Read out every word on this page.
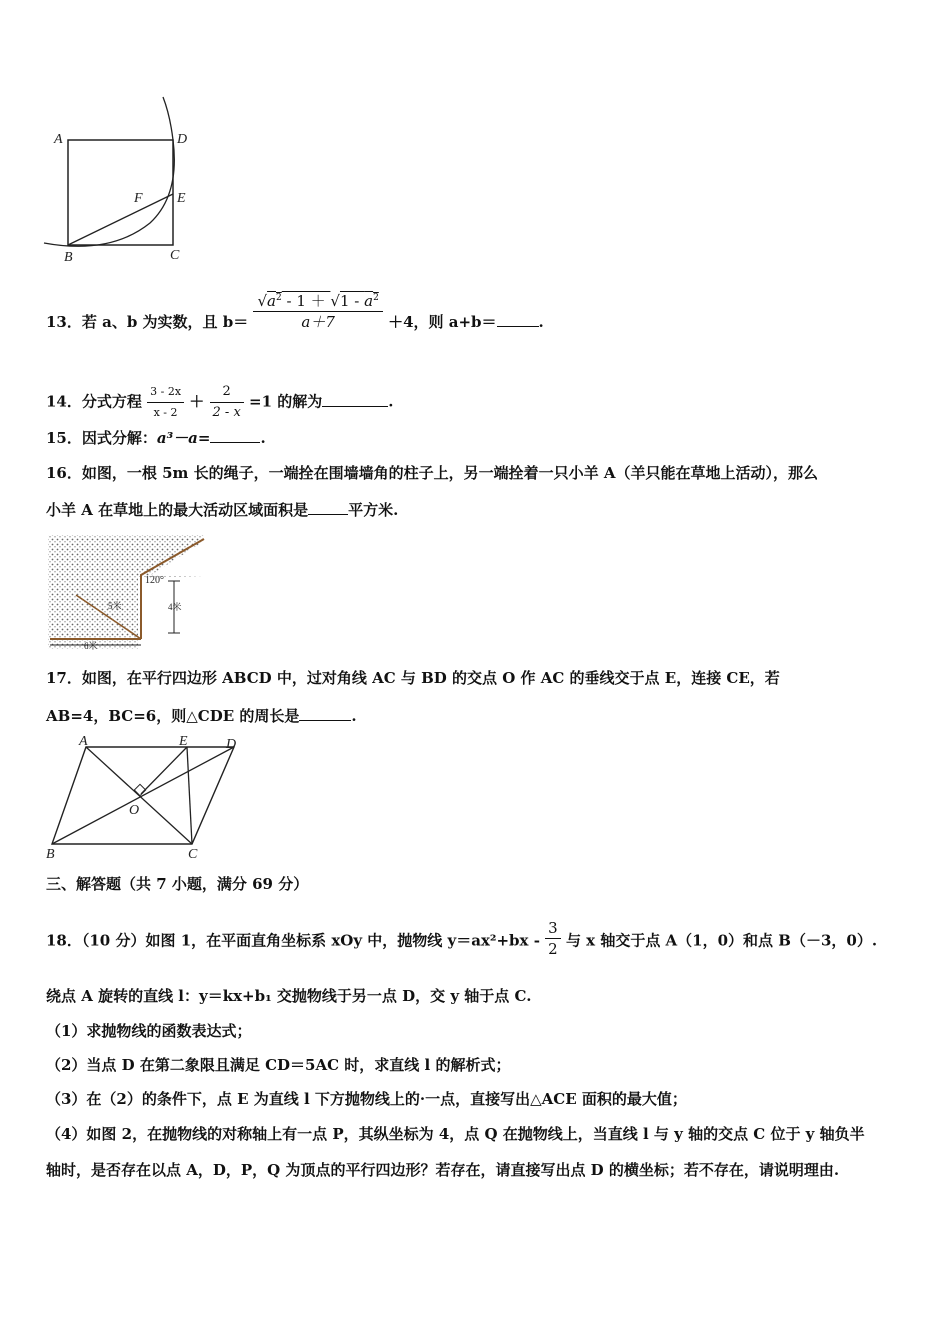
A
B	C
D
E
F
13．若 a、b 为实数，且 $b= \frac{√a^2 - 1 + √1 - a^2}{a+7} +4$，则 a+b＝	.
14．分式方程 $\frac{3 - 2x}{x - 2} + \frac{2}{2 - x} =1$ 的解为	.
15．因式分解：a³－a=	.
16．如图，一根 5m 长的绳子，一端拴在围墙墙角的柱子上，另一端拴着一只小羊 A（羊只能在草地上活动），那么
小羊 A 在草地上的最大活动区域面积是	平方米.
120°
5米	4米
6米
17．如图，在平行四边形 ABCD 中，过对角线 AC 与 BD 的交点 O 作 AC 的垂线交于点 E，连接 CE，若
AB=4，BC=6，则△CDE 的周长是	.
A
B	C
D
E
O
三、解答题（共 7 小题，满分 69 分）
18．（10 分）如图 1，在平面直角坐标系 xOy 中，抛物线 $y=ax^2+bx - \frac{3}{2}$ 与 x 轴交于点 A（1，0）和点 B（－3，0）.
绕点 A 旋转的直线 l：y＝kx+b₁ 交抛物线于另一点 D，交 y 轴于点 C.
（1）求抛物线的函数表达式；
（2）当点 D 在第二象限且满足 CD＝5AC 时，求直线 l 的解析式；
（3）在（2）的条件下，点 E 为直线 l 下方抛物线上的·一点，直接写出△ACE 面积的最大值；
（4）如图 2，在抛物线的对称轴上有一点 P，其纵坐标为 4，点 Q 在抛物线上，当直线 l 与 y 轴的交点 C 位于 y 轴负半
轴时，是否存在以点 A，D，P，Q 为顶点的平行四边形？若存在，请直接写出点 D 的横坐标；若不存在，请说明理由.
